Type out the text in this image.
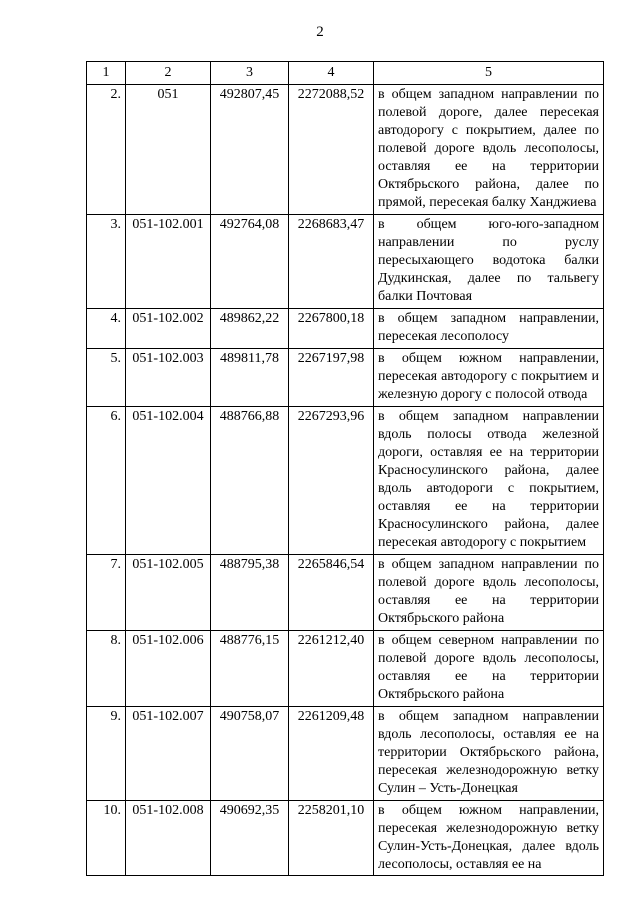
2
1	2	3	4	5
2.	051	492807,45	2272088,52	в общем западном направлении по полевой дороге, далее пересекая автодорогу с покрытием, далее по полевой дороге вдоль лесополосы, оставляя ее на территории Октябрьского района, далее по прямой, пересекая балку Ханджиева
3.	051-102.001	492764,08	2268683,47	в общем юго-юго-западном направлении по руслу пересыхающего водотока балки Дудкинская, далее по тальвегу балки Почтовая
4.	051-102.002	489862,22	2267800,18	в общем западном направлении, пересекая лесополосу
5.	051-102.003	489811,78	2267197,98	в общем южном направлении, пересекая автодорогу с покрытием и железную дорогу с полосой отвода
6.	051-102.004	488766,88	2267293,96	в общем западном направлении вдоль полосы отвода железной дороги, оставляя ее на территории Красносулинского района, далее вдоль автодороги с покрытием, оставляя ее на территории Красносулинского района, далее пересекая автодорогу с покрытием
7.	051-102.005	488795,38	2265846,54	в общем западном направлении по полевой дороге вдоль лесополосы, оставляя ее на территории Октябрьского района
8.	051-102.006	488776,15	2261212,40	в общем северном направлении по полевой дороге вдоль лесополосы, оставляя ее на территории Октябрьского района
9.	051-102.007	490758,07	2261209,48	в общем западном направлении вдоль лесополосы, оставляя ее на территории Октябрьского района, пересекая железнодорожную ветку Сулин – Усть-Донецкая
10.	051-102.008	490692,35	2258201,10	в общем южном направлении, пересекая железнодорожную ветку Сулин-Усть-Донецкая, далее вдоль лесополосы, оставляя ее на
